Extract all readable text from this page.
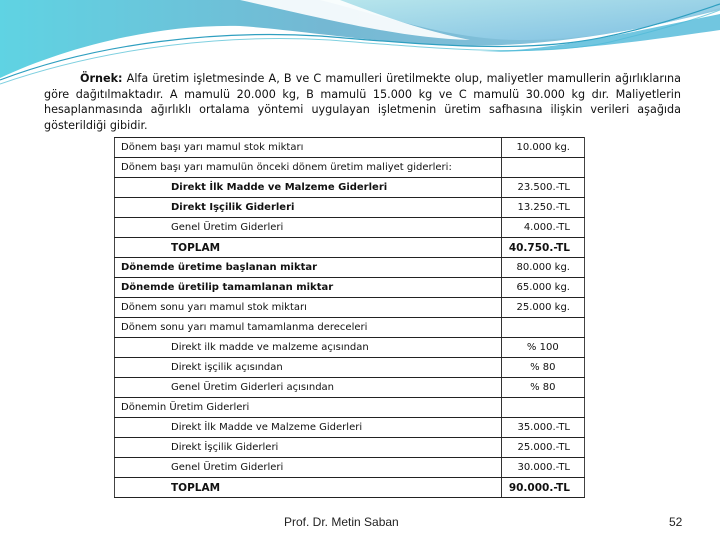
Örnek: Alfa üretim işletmesinde A, B ve C mamulleri üretilmekte olup, maliyetler mamullerin ağırlıklarına göre dağıtılmaktadır. A mamulü 20.000 kg, B mamulü 15.000 kg ve C mamulü 30.000 kg dır. Maliyetlerin hesaplanmasında ağırlıklı ortalama yöntemi uygulayan işletmenin üretim safhasına ilişkin verileri aşağıda gösterildiği gibidir.
Dönem başı yarı mamul stok miktarı	10.000 kg.
Dönem başı yarı mamulün önceki dönem üretim maliyet giderleri:	
Direkt İlk Madde ve Malzeme Giderleri	23.500.-TL
Direkt Işçilik Giderleri	13.250.-TL
Genel Üretim Giderleri	4.000.-TL
TOPLAM	40.750.-TL
Dönemde üretime başlanan miktar	80.000 kg.
Dönemde üretilip tamamlanan miktar	65.000 kg.
Dönem sonu yarı mamul stok miktarı	25.000 kg.
Dönem sonu yarı mamul tamamlanma dereceleri	
Direkt ilk madde ve malzeme açısından	% 100
Direkt işçilik açısından	% 80
Genel Üretim Giderleri açısından	% 80
Dönemin Üretim Giderleri	
Direkt İlk Madde ve Malzeme Giderleri	35.000.-TL
Direkt İşçilik Giderleri	25.000.-TL
Genel Üretim Giderleri	30.000.-TL
TOPLAM	90.000.-TL
Prof. Dr. Metin Saban	52
